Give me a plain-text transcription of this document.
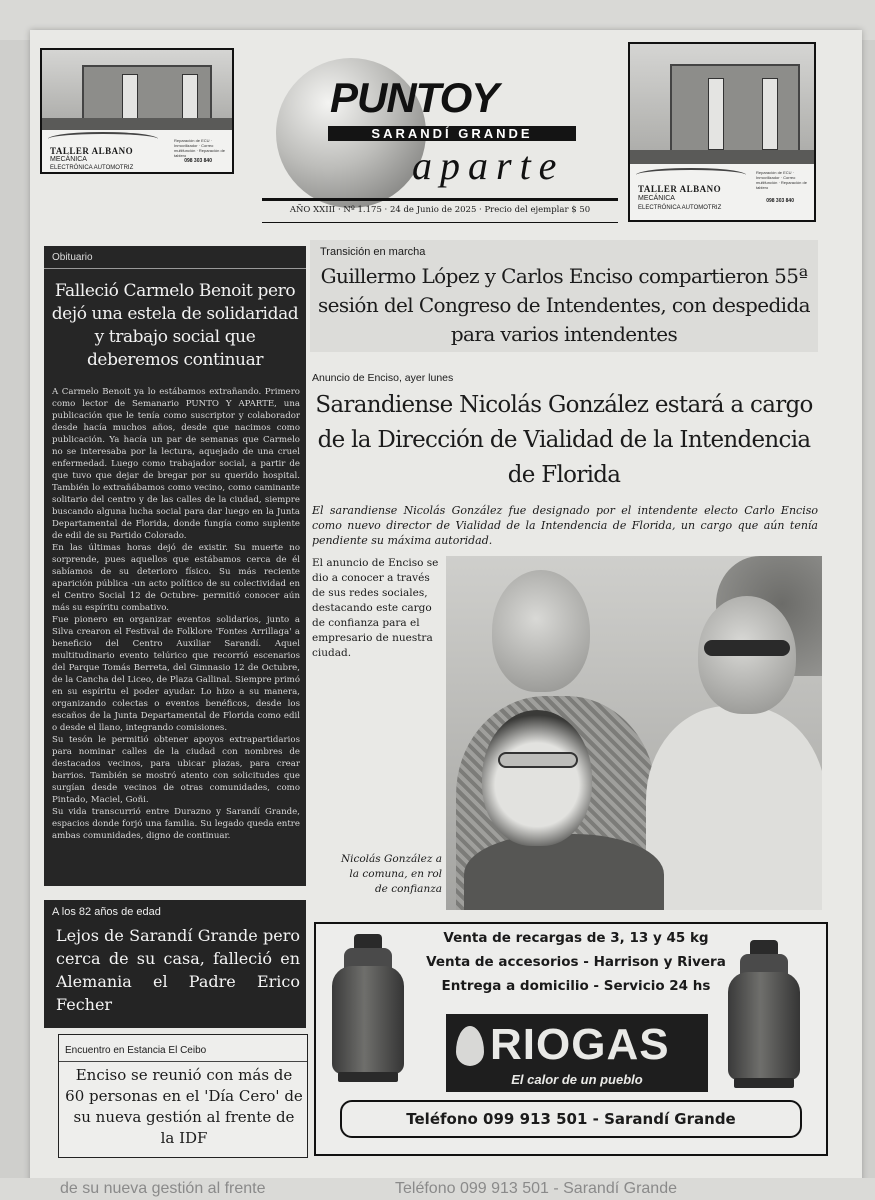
TALLER ALBANO
MECÁNICA
ELECTRÓNICA AUTOMOTRIZ
Reparación de ECU · Inmovilizador · Correo multifunción · Reparación de tablero
098 303 840
PUNTOY
SARANDÍ GRANDE
aparte
AÑO XXIII · Nº 1.175 · 24 de Junio de 2025 · Precio del ejemplar $ 50
TALLER ALBANO
MECÁNICA
ELECTRÓNICA AUTOMOTRIZ
Reparación de ECU · Inmovilizador · Correo multifunción · Reparación de tablero
098 303 840
Obituario
Falleció Carmelo Benoit pero dejó una estela de solidaridad y trabajo social que deberemos continuar

A Carmelo Benoit ya lo estábamos extrañando. Primero como lector de Semanario PUNTO Y APARTE, una publicación que le tenía como suscriptor y colaborador desde hacía muchos años, desde que nacimos como publicación. Ya hacía un par de semanas que Carmelo no se interesaba por la lectura, aquejado de una cruel enfermedad. Luego como trabajador social, a partir de que tuvo que dejar de bregar por su querido hospital. También lo extrañábamos como vecino, como caminante solitario del centro y de las calles de la ciudad, siempre buscando alguna lucha social para dar luego en la Junta Departamental de Florida, donde fungía como suplente de edil de su Partido Colorado.

En las últimas horas dejó de existir. Su muerte no sorprende, pues aquellos que estábamos cerca de él sabíamos de su deterioro físico. Su más reciente aparición pública -un acto político de su colectividad en el Centro Social 12 de Octubre- permitió conocer aún más su espíritu combativo.

Fue pionero en organizar eventos solidarios, junto a Silva crearon el Festival de Folklore 'Fontes Arrillaga' a beneficio del Centro Auxiliar Sarandí. Aquel multitudinario evento telúrico que recorrió escenarios del Parque Tomás Berreta, del Gimnasio 12 de Octubre, de la Cancha del Liceo, de Plaza Gallinal. Siempre primó en su espíritu el poder ayudar. Lo hizo a su manera, organizando colectas o eventos benéficos, desde los escaños de la Junta Departamental de Florida como edil o desde el llano, integrando comisiones.

Su tesón le permitió obtener apoyos extrapartidarios para nominar calles de la ciudad con nombres de destacados vecinos, para ubicar plazas, para crear barrios. También se mostró atento con solicitudes que surgían desde vecinos de otras comunidades, como Pintado, Maciel, Goñi.

Su vida transcurrió entre Durazno y Sarandí Grande, espacios donde forjó una familia. Su legado queda entre ambas comunidades, digno de continuar.

A los 82 años de edad
Lejos de Sarandí Grande pero cerca de su casa, falleció en Alemania el Padre Erico Fecher
Encuentro en Estancia El Ceibo
Enciso se reunió con más de 60 personas en el 'Día Cero' de su nueva gestión al frente de la IDF
Transición en marcha
Guillermo López y Carlos Enciso compartieron 55ª sesión del Congreso de Intendentes, con despedida para varios intendentes
Anuncio de Enciso, ayer lunes
Sarandiense Nicolás González estará a cargo de la Dirección de Vialidad de la Intendencia de Florida
El sarandiense Nicolás González fue designado por el intendente electo Carlo Enciso como nuevo director de Vialidad de la Intendencia de Florida, un cargo que aún tenía pendiente su máxima autoridad.
El anuncio de Enciso se dio a conocer a través de sus redes sociales, destacando este cargo de confianza para el empresario de nuestra ciudad.
Nicolás González a la comuna, en rol de confianza
Venta de recargas de 3, 13 y 45 kg
Venta de accesorios - Harrison y Rivera
Entrega a domicilio - Servicio 24 hs
RIOGAS
El calor de un pueblo
Teléfono 099 913 501 - Sarandí Grande
de su nueva gestión al frente	Teléfono 099 913 501 - Sarandí Grande
